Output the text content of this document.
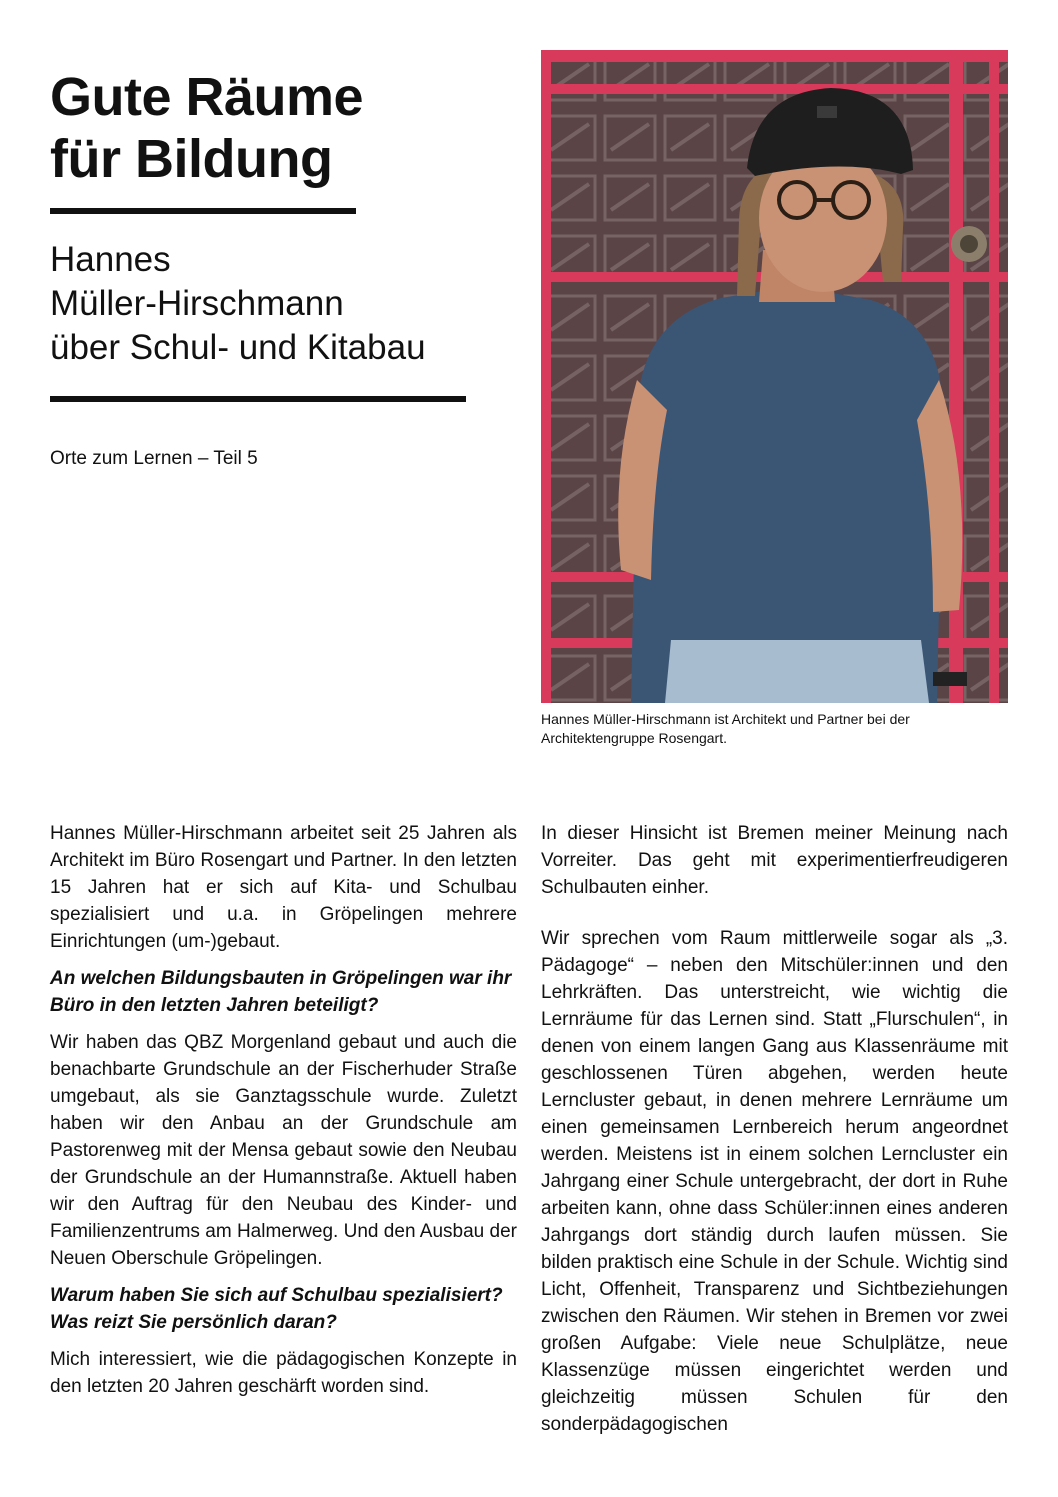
Gute Räume
für Bildung
Hannes
Müller-Hirschmann
über Schul- und Kitabau

Orte zum Lernen – Teil 5

Hannes Müller-Hirschmann ist Architekt und Partner bei der Architektengruppe Rosengart.

Hannes Müller-Hirschmann arbeitet seit 25 Jahren als Architekt im Büro Rosengart und Partner. In den letzten 15 Jahren hat er sich auf Kita- und Schulbau spezialisiert und u.a. in Gröpelingen mehrere Einrichtungen (um-)gebaut.

An welchen Bildungsbauten in Gröpelingen war ihr Büro in den letzten Jahren beteiligt?

Wir haben das QBZ Morgenland gebaut und auch die benachbarte Grundschule an der Fischerhuder Straße umgebaut, als sie Ganztagsschule wurde. Zuletzt haben wir den Anbau an der Grundschule am Pastorenweg mit der Mensa gebaut sowie den Neubau der Grundschule an der Humannstraße. Aktuell haben wir den Auftrag für den Neubau des Kinder- und Familienzentrums am Halmerweg. Und den Ausbau der Neuen Oberschule Gröpelingen.

Warum haben Sie sich auf Schulbau spezialisiert? Was reizt Sie persönlich daran?

Mich interessiert, wie die pädagogischen Konzepte in den letzten 20 Jahren geschärft worden sind.

In dieser Hinsicht ist Bremen meiner Meinung nach Vorreiter. Das geht mit experimentierfreudigeren Schulbauten einher.

Wir sprechen vom Raum mittlerweile sogar als „3. Pädagoge“ – neben den Mitschüler:innen und den Lehrkräften. Das unterstreicht, wie wichtig die Lernräume für das Lernen sind. Statt „Flurschulen“, in denen von einem langen Gang aus Klassenräume mit geschlossenen Türen abgehen, werden heute Lerncluster gebaut, in denen mehrere Lernräume um einen gemeinsamen Lernbereich herum angeordnet werden. Meistens ist in einem solchen Lerncluster ein Jahrgang einer Schule untergebracht, der dort in Ruhe arbeiten kann, ohne dass Schüler:innen eines anderen Jahrgangs dort ständig durch laufen müssen. Sie bilden praktisch eine Schule in der Schule. Wichtig sind Licht, Offenheit, Transparenz und Sichtbeziehungen zwischen den Räumen. Wir stehen in Bremen vor zwei großen Aufgabe: Viele neue Schulplätze, neue Klassenzüge müssen eingerichtet werden und gleichzeitig müssen Schulen für den sonderpädagogischen
